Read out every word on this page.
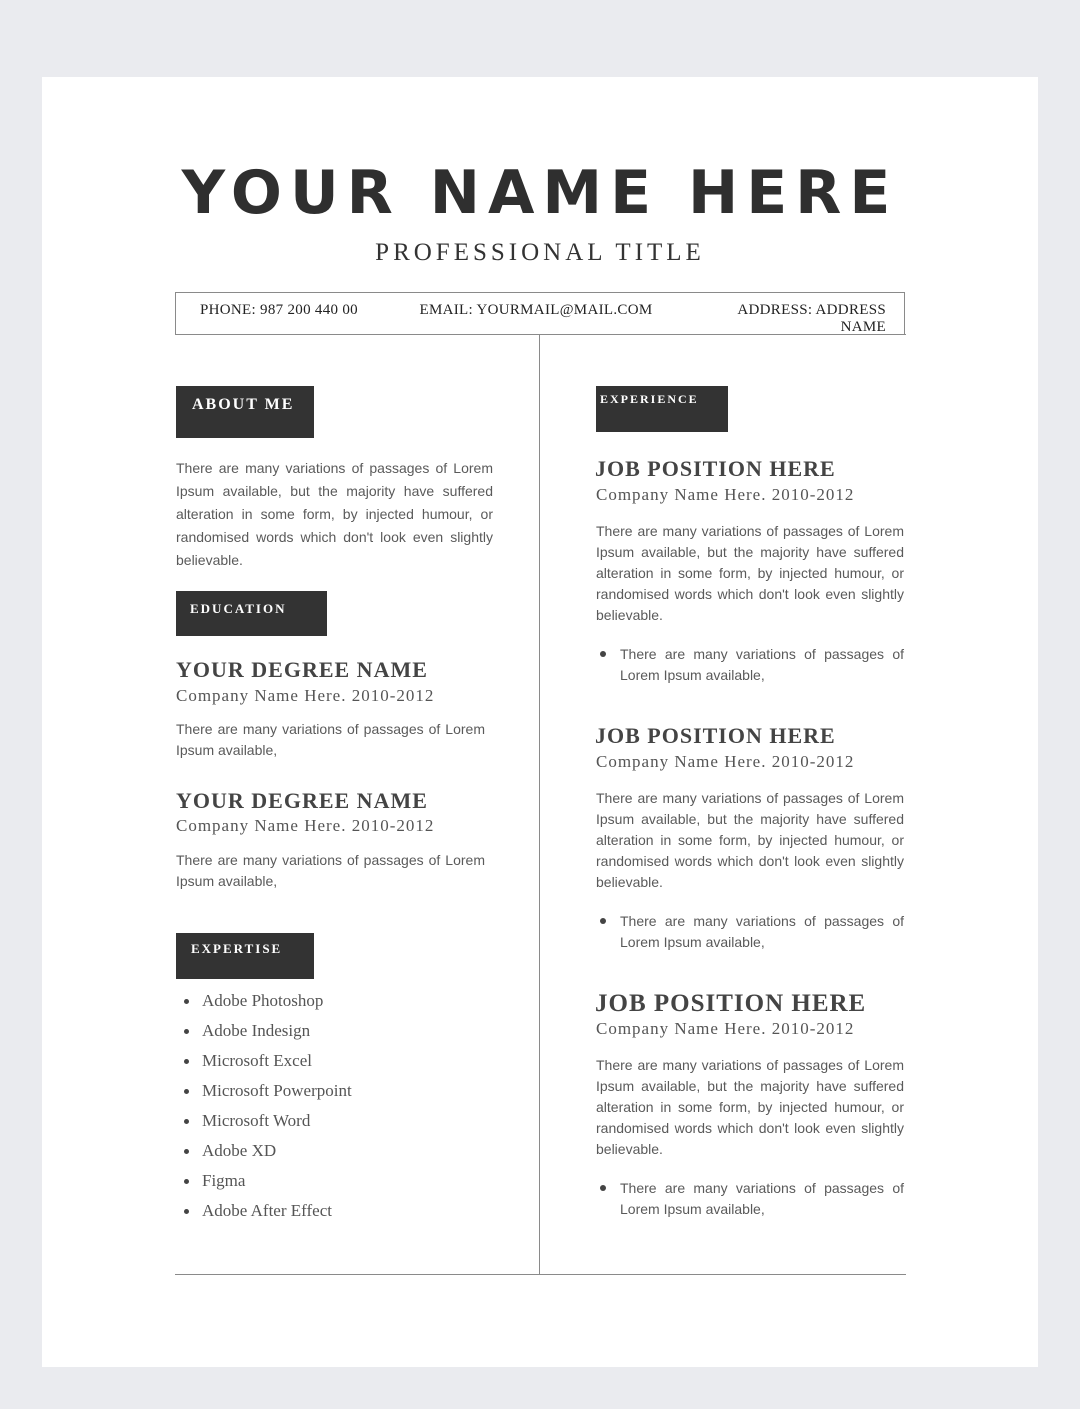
YOUR NAME HERE
PROFESSIONAL TITLE
PHONE: 987 200 440 00	EMAIL: YOURMAIL@MAIL.COM	ADDRESS: ADDRESS NAME
ABOUT ME
There are many variations of passages of Lorem Ipsum available, but the majority have suffered alteration in some form, by injected humour, or randomised words which don't look even slightly believable.
EDUCATION
YOUR DEGREE NAME
Company Name Here. 2010-2012
There are many variations of passages of Lorem Ipsum available,
YOUR DEGREE NAME
Company Name Here. 2010-2012
There are many variations of passages of Lorem Ipsum available,
EXPERTISE
Adobe Photoshop
Adobe Indesign
Microsoft Excel
Microsoft Powerpoint
Microsoft Word
Adobe XD
Figma
Adobe After Effect
EXPERIENCE
JOB POSITION HERE
Company Name Here. 2010-2012
There are many variations of passages of Lorem Ipsum available, but the majority have suffered alteration in some form, by injected humour, or randomised words which don't look even slightly believable.
There are many variations of passages of Lorem Ipsum available,
JOB POSITION HERE
Company Name Here. 2010-2012
There are many variations of passages of Lorem Ipsum available, but the majority have suffered alteration in some form, by injected humour, or randomised words which don't look even slightly believable.
There are many variations of passages of Lorem Ipsum available,
JOB POSITION HERE
Company Name Here. 2010-2012
There are many variations of passages of Lorem Ipsum available, but the majority have suffered alteration in some form, by injected humour, or randomised words which don't look even slightly believable.
There are many variations of passages of Lorem Ipsum available,
